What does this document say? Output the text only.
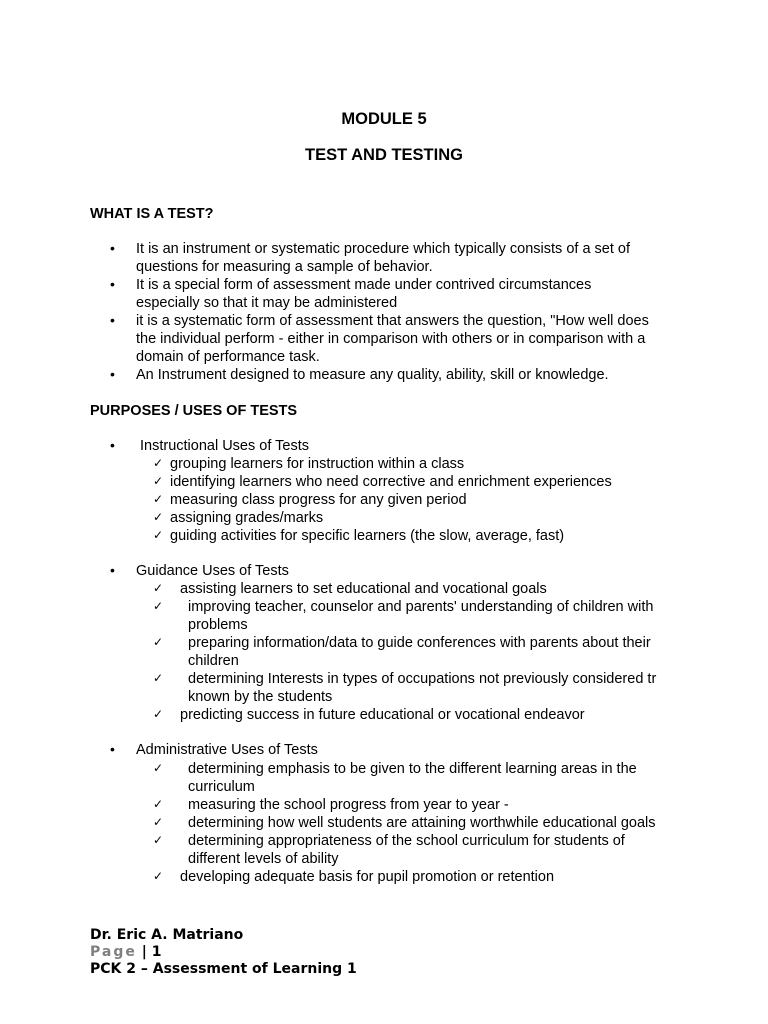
MODULE 5
TEST AND TESTING
WHAT IS A TEST?
• It is an instrument or systematic procedure which typically consists of a set of
questions for measuring a sample of behavior.
• It is a special form of assessment made under contrived circumstances
especially so that it may be administered
• it is a systematic form of assessment that answers the question, "How well does
the individual perform - either in comparison with others or in comparison with a
domain of performance task.
• An Instrument designed to measure any quality, ability, skill or knowledge.
PURPOSES / USES OF TESTS
• Instructional Uses of Tests
✓ grouping learners for instruction within a class
✓ identifying learners who need corrective and enrichment experiences
✓ measuring class progress for any given period
✓ assigning grades/marks
✓ guiding activities for specific learners (the slow, average, fast)
• Guidance Uses of Tests
✓ assisting learners to set educational and vocational goals
✓ improving teacher, counselor and parents' understanding of children with
problems
✓ preparing information/data to guide conferences with parents about their
children
✓ determining Interests in types of occupations not previously considered tr
known by the students
✓ predicting success in future educational or vocational endeavor
• Administrative Uses of Tests
✓ determining emphasis to be given to the different learning areas in the
curriculum
✓ measuring the school progress from year to year -
✓ determining how well students are attaining worthwhile educational goals
✓ determining appropriateness of the school curriculum for students of
different levels of ability
✓ developing adequate basis for pupil promotion or retention
Dr. Eric A. Matriano
Page | 1
PCK 2 – Assessment of Learning 1
